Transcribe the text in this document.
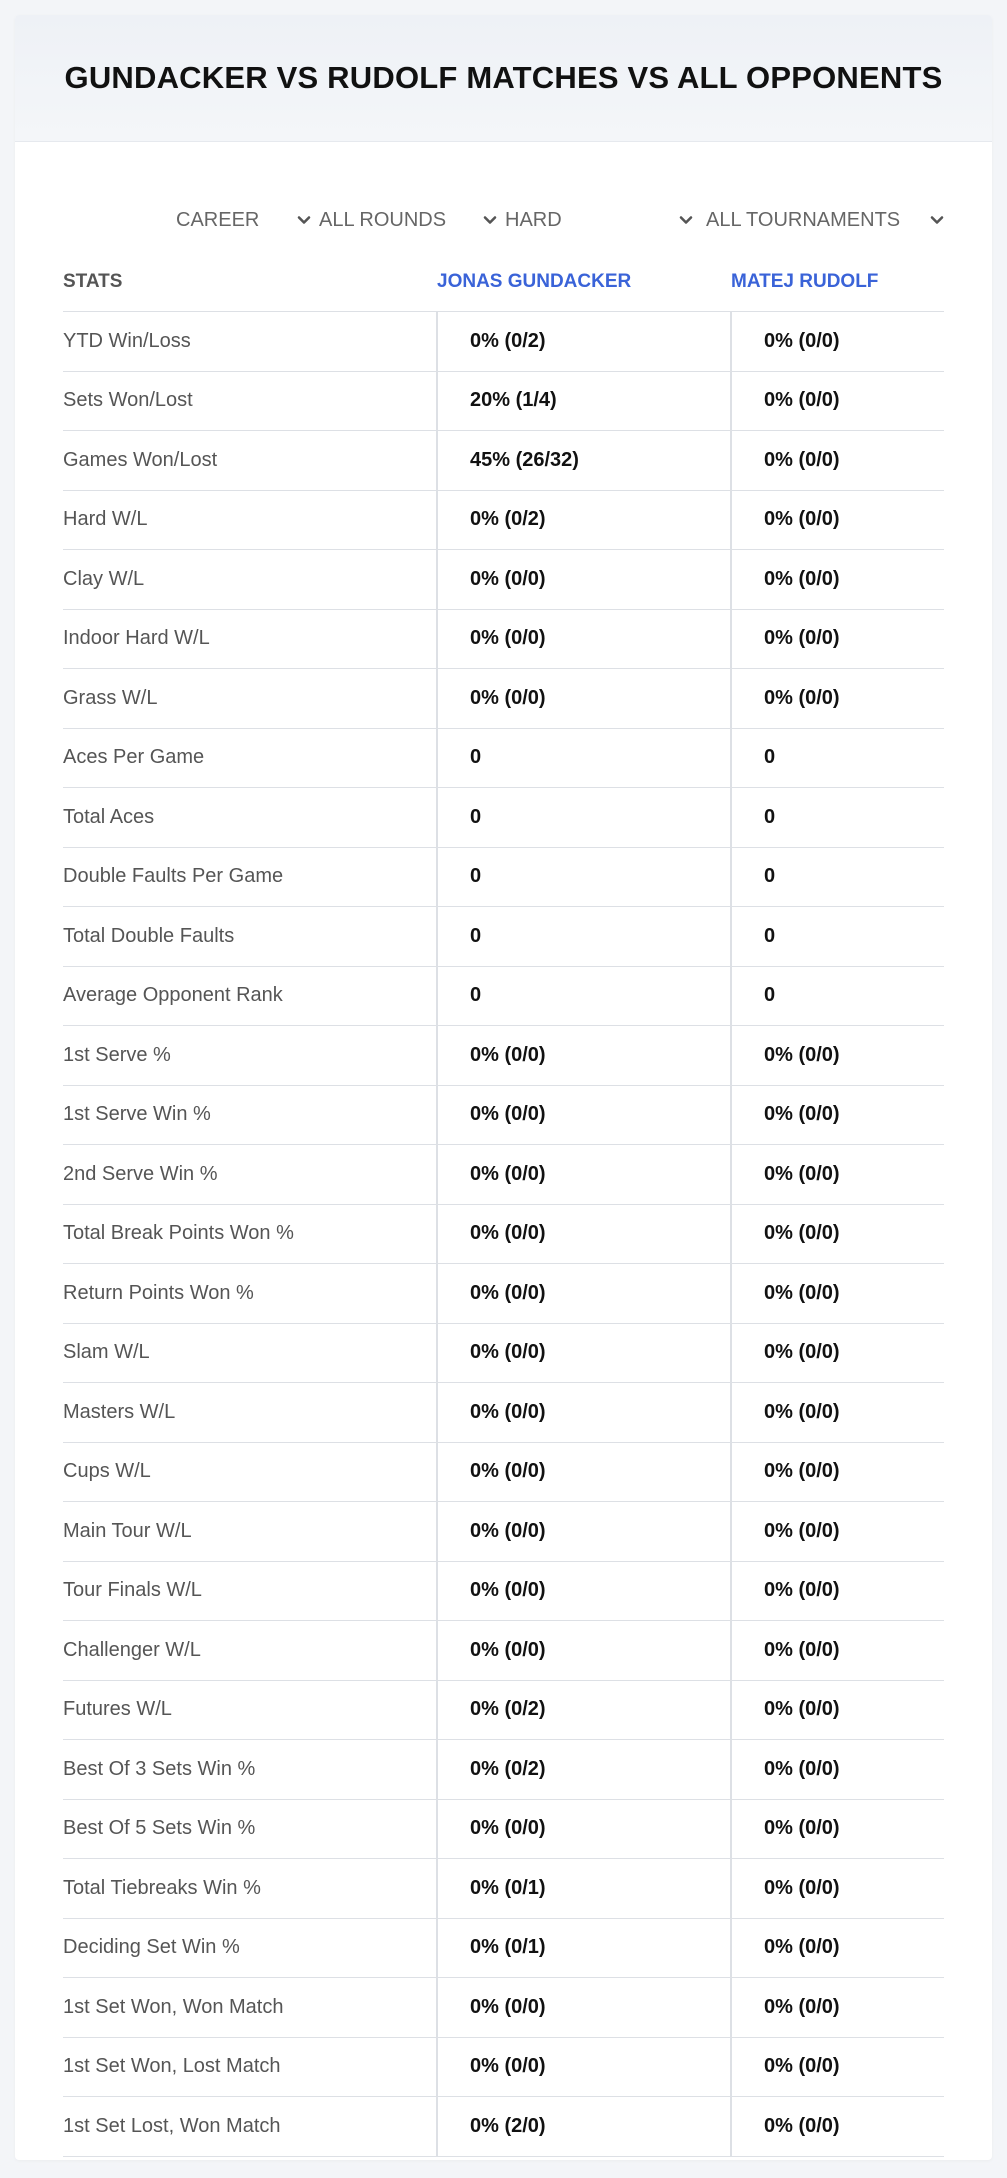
GUNDACKER VS RUDOLF MATCHES VS ALL OPPONENTS
CAREER	ALL ROUNDS	HARD	ALL TOURNAMENTS
STATS	JONAS GUNDACKER	MATEJ RUDOLF
YTD Win/Loss	0% (0/2)	0% (0/0)
Sets Won/Lost	20% (1/4)	0% (0/0)
Games Won/Lost	45% (26/32)	0% (0/0)
Hard W/L	0% (0/2)	0% (0/0)
Clay W/L	0% (0/0)	0% (0/0)
Indoor Hard W/L	0% (0/0)	0% (0/0)
Grass W/L	0% (0/0)	0% (0/0)
Aces Per Game	0	0
Total Aces	0	0
Double Faults Per Game	0	0
Total Double Faults	0	0
Average Opponent Rank	0	0
1st Serve %	0% (0/0)	0% (0/0)
1st Serve Win %	0% (0/0)	0% (0/0)
2nd Serve Win %	0% (0/0)	0% (0/0)
Total Break Points Won %	0% (0/0)	0% (0/0)
Return Points Won %	0% (0/0)	0% (0/0)
Slam W/L	0% (0/0)	0% (0/0)
Masters W/L	0% (0/0)	0% (0/0)
Cups W/L	0% (0/0)	0% (0/0)
Main Tour W/L	0% (0/0)	0% (0/0)
Tour Finals W/L	0% (0/0)	0% (0/0)
Challenger W/L	0% (0/0)	0% (0/0)
Futures W/L	0% (0/2)	0% (0/0)
Best Of 3 Sets Win %	0% (0/2)	0% (0/0)
Best Of 5 Sets Win %	0% (0/0)	0% (0/0)
Total Tiebreaks Win %	0% (0/1)	0% (0/0)
Deciding Set Win %	0% (0/1)	0% (0/0)
1st Set Won, Won Match	0% (0/0)	0% (0/0)
1st Set Won, Lost Match	0% (0/0)	0% (0/0)
1st Set Lost, Won Match	0% (2/0)	0% (0/0)
